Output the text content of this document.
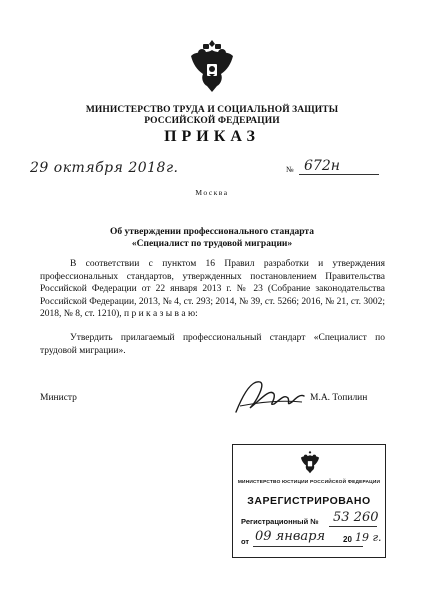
МИНИСТЕРСТВО ТРУДА И СОЦИАЛЬНОЙ ЗАЩИТЫ
РОССИЙСКОЙ ФЕДЕРАЦИИ
ПРИКАЗ
29 октября 2018г.	№ 672н
Москва
Об утверждении профессионального стандарта
«Специалист по трудовой миграции»
В соответствии с пунктом 16 Правил разработки и утверждения профессиональных стандартов, утвержденных постановлением Правительства Российской Федерации от 22 января 2013 г. № 23 (Собрание законодательства Российской Федерации, 2013, № 4, ст. 293; 2014, № 39, ст. 5266; 2016, № 21, ст. 3002; 2018, № 8, ст. 1210), п р и к а з ы в а ю:
Утвердить прилагаемый профессиональный стандарт «Специалист по трудовой миграции».
Министр	М.А. Топилин
МИНИСТЕРСТВО ЮСТИЦИИ РОССИЙСКОЙ ФЕДЕРАЦИИ
ЗАРЕГИСТРИРОВАНО
Регистрационный № 53 260
от 09 января 20 19 г.
